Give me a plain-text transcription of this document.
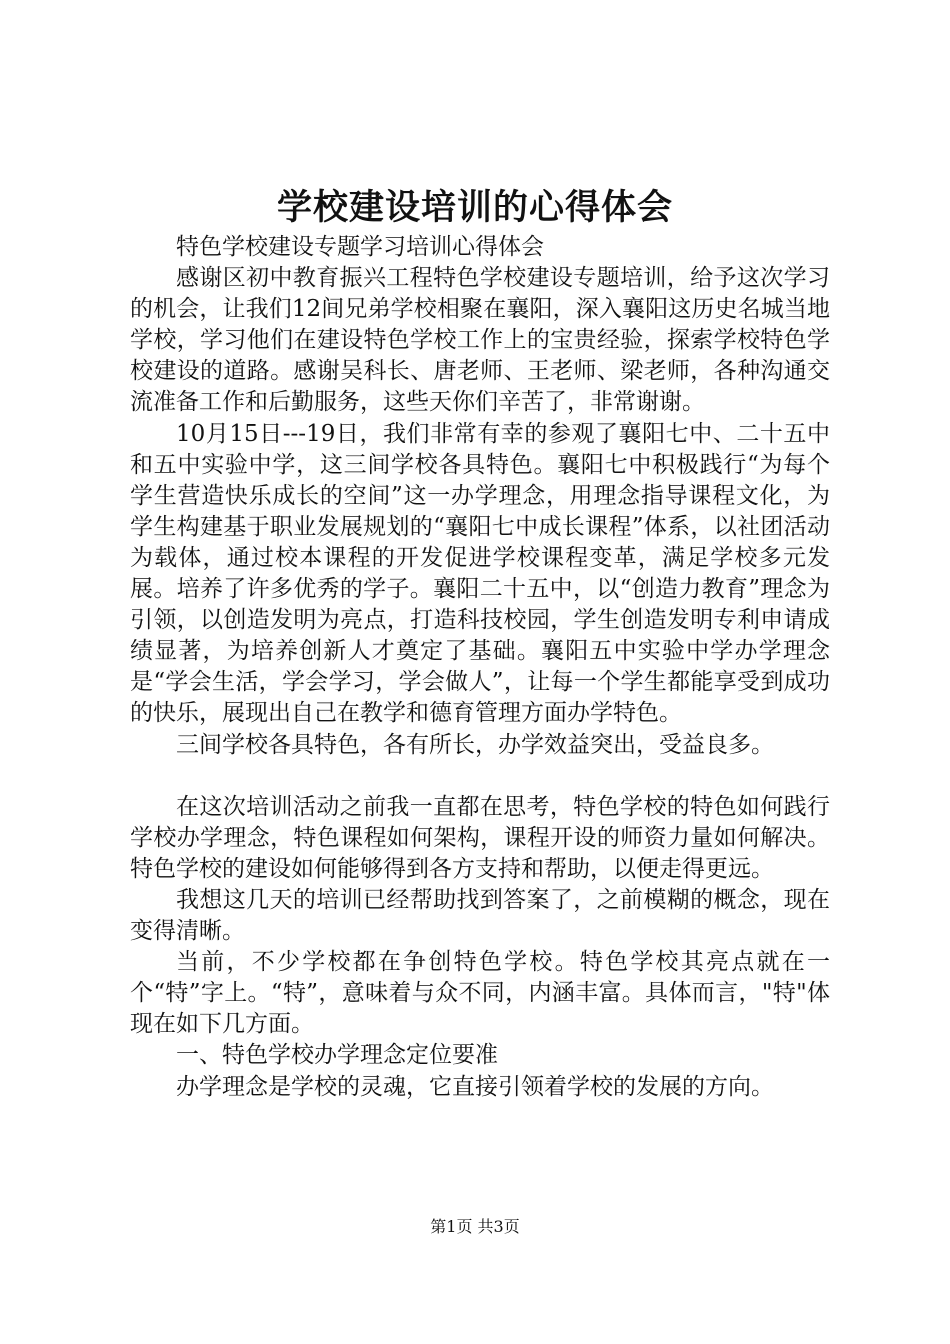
学校建设培训的心得体会

特色学校建设专题学习培训心得体会

感谢区初中教育振兴工程特色学校建设专题培训，给予这次学习的机会，让我们12间兄弟学校相聚在襄阳，深入襄阳这历史名城当地学校，学习他们在建设特色学校工作上的宝贵经验，探索学校特色学校建设的道路。感谢吴科长、唐老师、王老师、梁老师，各种沟通交流准备工作和后勤服务，这些天你们辛苦了，非常谢谢。

10月15日---19日，我们非常有幸的参观了襄阳七中、二十五中和五中实验中学，这三间学校各具特色。襄阳七中积极践行“为每个学生营造快乐成长的空间”这一办学理念，用理念指导课程文化，为学生构建基于职业发展规划的“襄阳七中成长课程”体系，以社团活动为载体，通过校本课程的开发促进学校课程变革，满足学校多元发展。培养了许多优秀的学子。襄阳二十五中，以“创造力教育”理念为引领，以创造发明为亮点，打造科技校园，学生创造发明专利申请成绩显著，为培养创新人才奠定了基础。襄阳五中实验中学办学理念是“学会生活，学会学习，学会做人”，让每一个学生都能享受到成功的快乐，展现出自己在教学和德育管理方面办学特色。

三间学校各具特色，各有所长，办学效益突出，受益良多。

在这次培训活动之前我一直都在思考，特色学校的特色如何践行学校办学理念，特色课程如何架构，课程开设的师资力量如何解决。特色学校的建设如何能够得到各方支持和帮助，以便走得更远。

我想这几天的培训已经帮助找到答案了，之前模糊的概念，现在变得清晰。

当前，不少学校都在争创特色学校。特色学校其亮点就在一个“特”字上。“特”，意味着与众不同，内涵丰富。具体而言，"特"体现在如下几方面。

一、特色学校办学理念定位要准

办学理念是学校的灵魂，它直接引领着学校的发展的方向。

第1页 共3页
